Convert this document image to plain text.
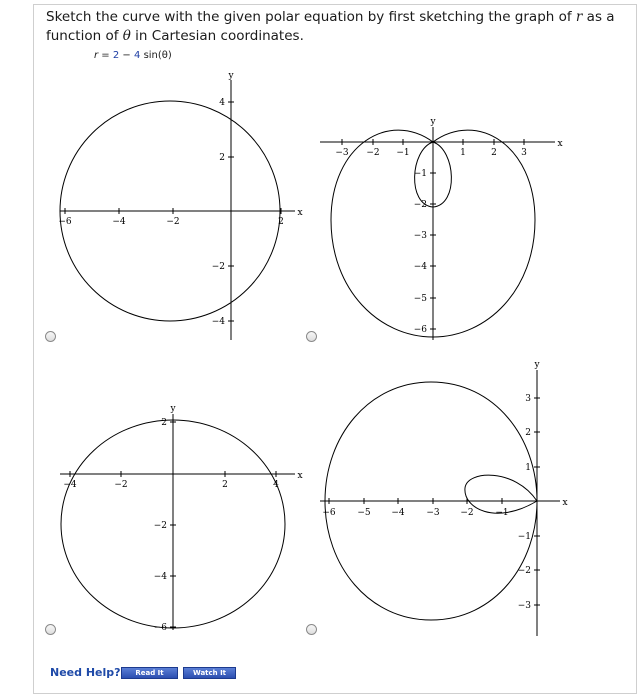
Sketch the curve with the given polar equation by first sketching the graph of r as a function of θ in Cartesian coordinates.
r = 2 − 4 sin(θ)
x
y
−6	−4	−2	2
4
2
−2
−4
x
y
−3 −2 −1	1	2	3
−1
−2
−3
−4
−5
−6
x
y
−4	−2	2	4
2
−2
−4
−6
x
y
−6 −5 −4 −3 −2 −1
3
2
1
−1
−2
−3
Need Help?	Read It	Watch It
